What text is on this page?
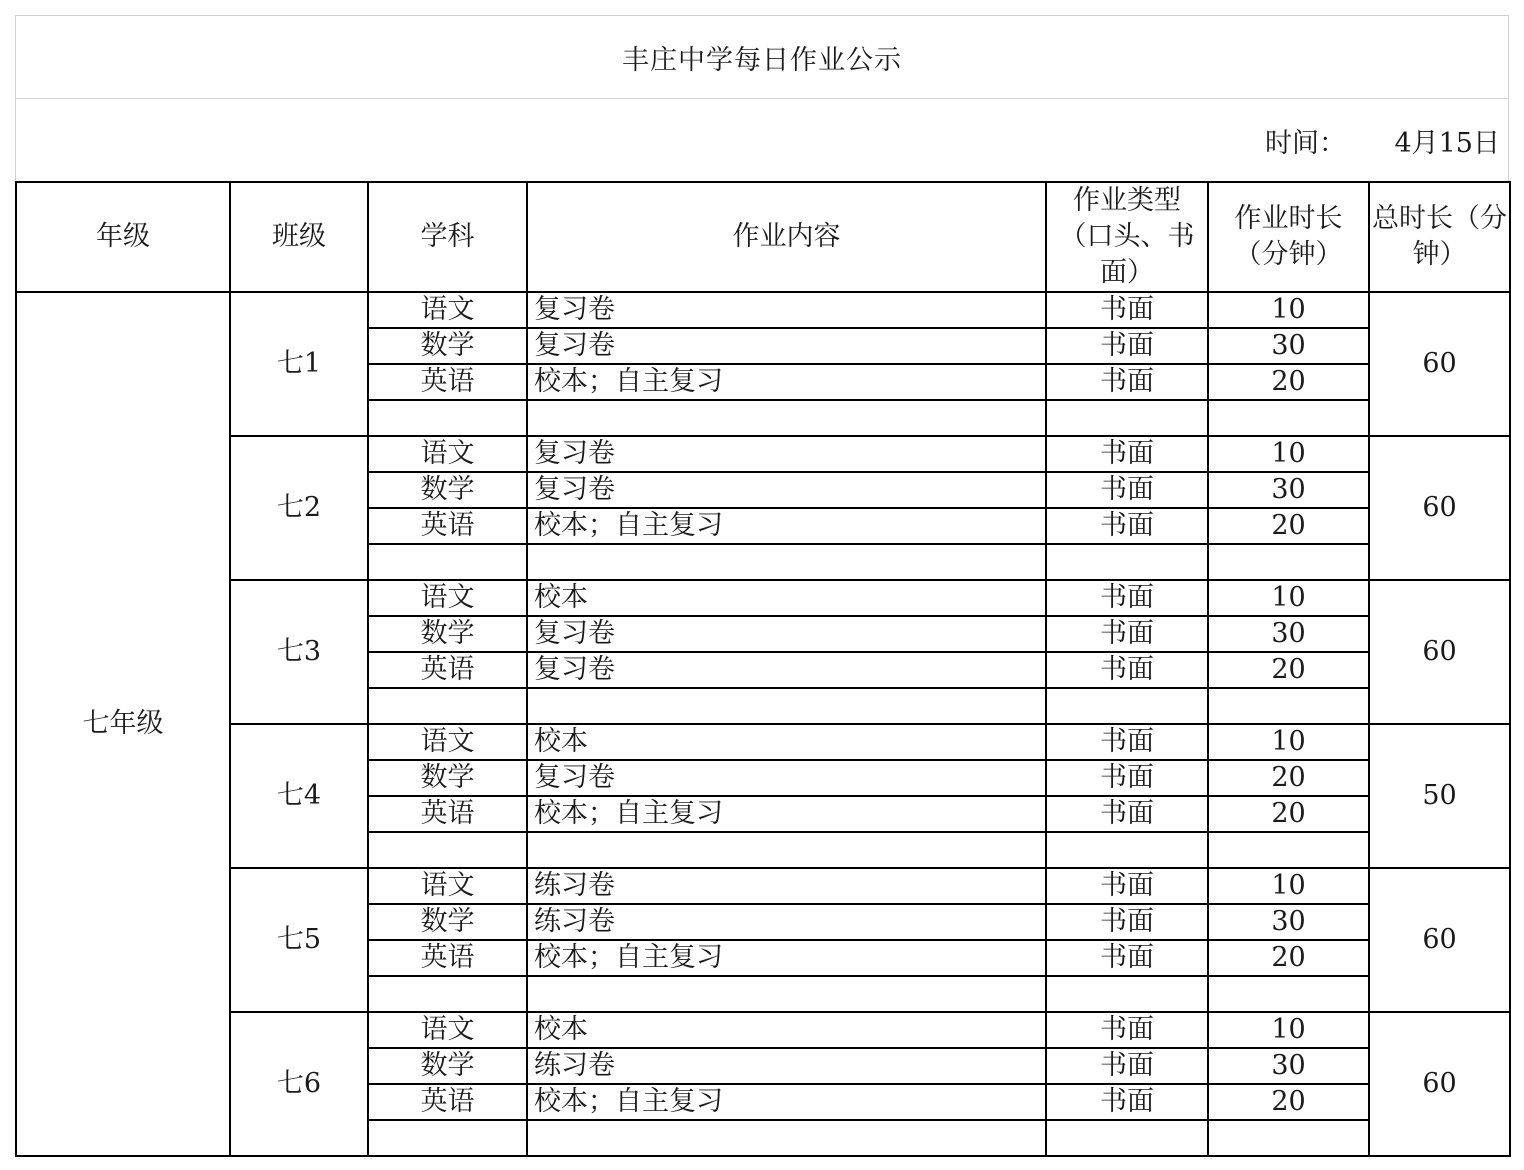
丰庄中学每日作业公示
时间： 4月15日
年级	班级	学科	作业内容	作业类型（口头、书面）	作业时长（分钟）	总时长（分钟）
七年级	七1	语文	复习卷	书面	10	60
		数学	复习卷	书面	30	
		英语	校本；自主复习	书面	20	

	七2	语文	复习卷	书面	10	60
		数学	复习卷	书面	30	
		英语	校本；自主复习	书面	20	

	七3	语文	校本	书面	10	60
		数学	复习卷	书面	30	
		英语	复习卷	书面	20	

	七4	语文	校本	书面	10	50
		数学	复习卷	书面	20	
		英语	校本；自主复习	书面	20	

	七5	语文	练习卷	书面	10	60
		数学	练习卷	书面	30	
		英语	校本；自主复习	书面	20	

	七6	语文	校本	书面	10	60
		数学	练习卷	书面	30	
		英语	校本；自主复习	书面	20	
